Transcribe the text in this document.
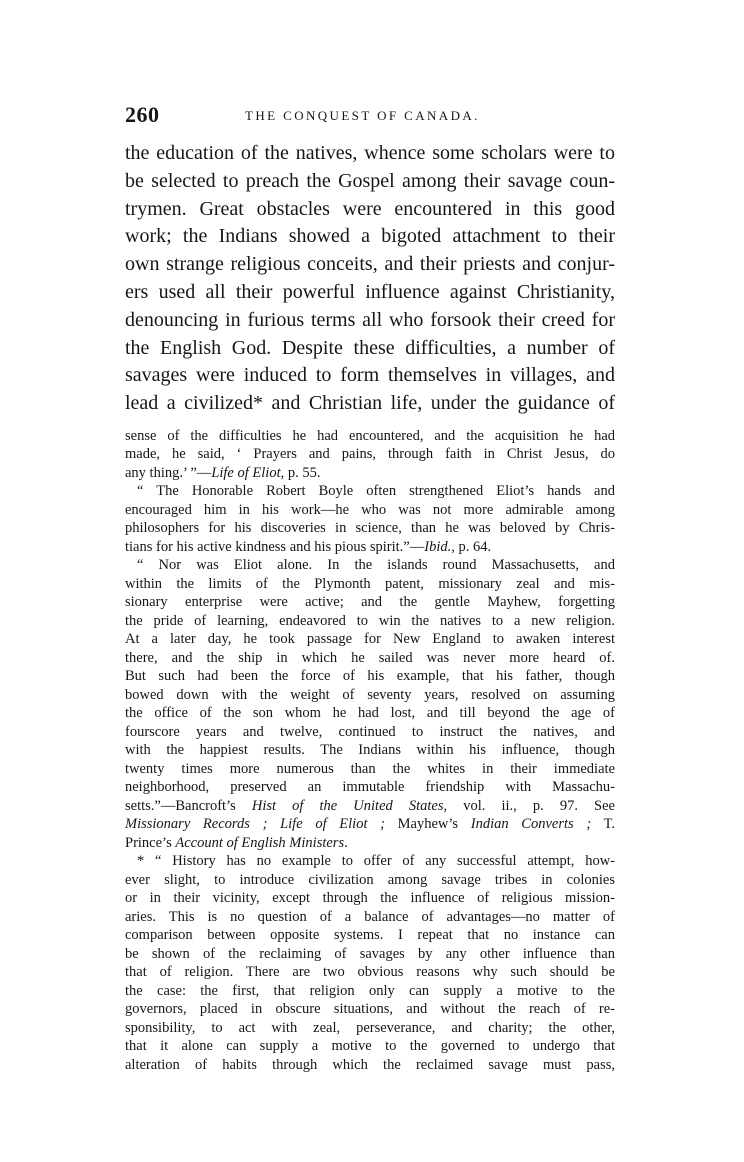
260	THE CONQUEST OF CANADA.
the education of the natives, whence some scholars were to
be selected to preach the Gospel among their savage coun-
trymen. Great obstacles were encountered in this good
work; the Indians showed a bigoted attachment to their
own strange religious conceits, and their priests and conjur-
ers used all their powerful influence against Christianity,
denouncing in furious terms all who forsook their creed for
the English God. Despite these difficulties, a number of
savages were induced to form themselves in villages, and
lead a civilized* and Christian life, under the guidance of
sense of the difficulties he had encountered, and the acquisition he had
made, he said, ‘ Prayers and pains, through faith in Christ Jesus, do
any thing.’ ”—Life of Eliot, p. 55.
“ The Honorable Robert Boyle often strengthened Eliot’s hands and
encouraged him in his work—he who was not more admirable among
philosophers for his discoveries in science, than he was beloved by Chris-
tians for his active kindness and his pious spirit.”—Ibid., p. 64.
“ Nor was Eliot alone. In the islands round Massachusetts, and
within the limits of the Plymonth patent, missionary zeal and mis-
sionary enterprise were active; and the gentle Mayhew, forgetting
the pride of learning, endeavored to win the natives to a new religion.
At a later day, he took passage for New England to awaken interest
there, and the ship in which he sailed was never more heard of.
But such had been the force of his example, that his father, though
bowed down with the weight of seventy years, resolved on assuming
the office of the son whom he had lost, and till beyond the age of
fourscore years and twelve, continued to instruct the natives, and
with the happiest results. The Indians within his influence, though
twenty times more numerous than the whites in their immediate
neighborhood, preserved an immutable friendship with Massachu-
setts.”—Bancroft’s Hist of the United States, vol. ii., p. 97. See
Missionary Records ; Life of Eliot ; Mayhew’s Indian Converts ; T.
Prince’s Account of English Ministers.
* “ History has no example to offer of any successful attempt, how-
ever slight, to introduce civilization among savage tribes in colonies
or in their vicinity, except through the influence of religious mission-
aries. This is no question of a balance of advantages—no matter of
comparison between opposite systems. I repeat that no instance can
be shown of the reclaiming of savages by any other influence than
that of religion. There are two obvious reasons why such should be
the case: the first, that religion only can supply a motive to the
governors, placed in obscure situations, and without the reach of re-
sponsibility, to act with zeal, perseverance, and charity; the other,
that it alone can supply a motive to the governed to undergo that
alteration of habits through which the reclaimed savage must pass,
